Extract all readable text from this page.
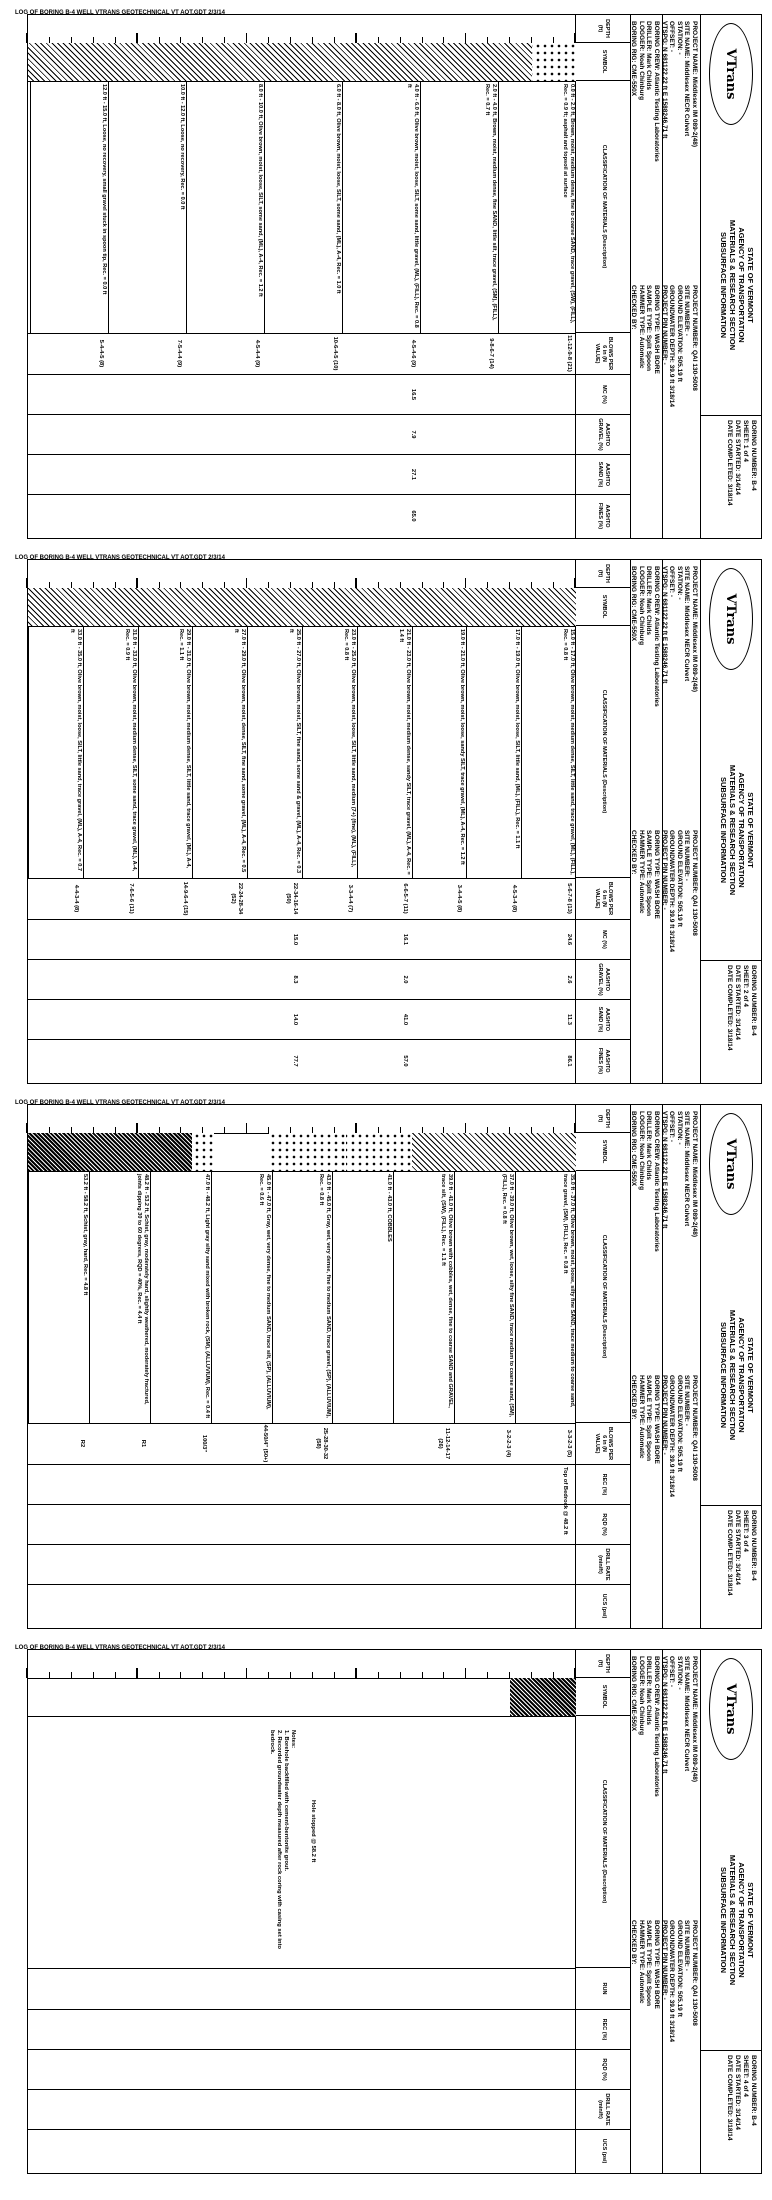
VTrans
STATE OF VERMONT
AGENCY OF TRANSPORTATION
MATERIALS & RESEARCH SECTION
SUBSURFACE INFORMATION
BORING NUMBER: B-4
SHEET: 1 of 4
DATE STARTED: 3/14/14
DATE COMPLETED: 3/18/14
PROJECT NAME: Middlesex IM 089-2(48)
SITE NAME: Middlesex NECR Culvert
STATION: -
OFFSET: -
VTSPG: N 681122.22 ft E 1588246.71 ft
PROJECT NUMBER: QAI 130-5008
SITE NUMBER: -
GROUND ELEVATION: 505.19 ft
GROUNDWATER DEPTH: 39.9 ft 3/18/14
PROJECT PIN NUMBER: -
BORING CREW: Atlantic Testing Laboratories
DRILLER: Mark Childs
LOGGER: Noah Chinburg
BORING RIG: CME-550X
BORING TYPE: WASH BORE
SAMPLE TYPE: Split Spoon
HAMMER TYPE: Automatic
CHECKED BY:
DEPTH (ft)
SYMBOL
CLASSIFICATION OF MATERIALS (Description)
BLOWS PER 6 in (N VALUE)
MC (%)
AASHTO GRAVEL (%)
AASHTO SAND (%)
AASHTO FINES (%)
0.0 ft - 2.0 ft, Brown, moist, medium dense, fine to coarse SAND, trace gravel, (SW), (FILL), Rec. = 0.9 ft; asphalt and topsoil at surface
2.0 ft - 4.0 ft, Brown, moist, medium dense, fine SAND, little silt, trace gravel, (SM), (FILL), Rec. = 0.7 ft
4.0 ft - 6.0 ft, Olive brown, moist, loose, SILT, some sand, little gravel, (ML), (FILL), Rec. = 0.8 ft
6.0 ft - 8.0 ft, Olive brown, moist, loose, SILT, some sand, (ML), A-4, Rec. = 1.0 ft
8.0 ft - 10.0 ft, Olive brown, moist, loose, SILT, some sand, (ML), A-4, Rec. = 1.2 ft
10.0 ft - 12.0 ft, Loose, no recovery, Rec. = 0.0 ft
12.0 ft - 15.0 ft, Loose, no recovery, small gravel stuck in spoon tip, Rec. = 0.0 ft
11-12-9-8 (21)
9-8-6-7 (14)
4-5-4-6 (9)
10-6-4-5 (10)
4-5-4-4 (9)
7-5-4-4 (9)
5-4-4-5 (8)
16.5
7.9
27.1
65.0
LOG OF BORING B-4 WELL VTRANS GEOTECHNICAL VT AOT.GDT 2/3/14
VTrans
STATE OF VERMONT
AGENCY OF TRANSPORTATION
MATERIALS & RESEARCH SECTION
SUBSURFACE INFORMATION
BORING NUMBER: B-4
SHEET: 2 of 4
DATE STARTED: 3/14/14
DATE COMPLETED: 3/18/14
PROJECT NAME: Middlesex IM 089-2(48)
SITE NAME: Middlesex NECR Culvert
STATION: -
OFFSET: -
VTSPG: N 681122.22 ft E 1588246.71 ft
PROJECT NUMBER: QAI 130-5008
SITE NUMBER: -
GROUND ELEVATION: 505.19 ft
GROUNDWATER DEPTH: 39.9 ft 3/18/14
PROJECT PIN NUMBER: -
BORING CREW: Atlantic Testing Laboratories
DRILLER: Mark Childs
LOGGER: Noah Chinburg
BORING RIG: CME-550X
BORING TYPE: WASH BORE
SAMPLE TYPE: Split Spoon
HAMMER TYPE: Automatic
CHECKED BY:
DEPTH (ft)
SYMBOL
CLASSIFICATION OF MATERIALS (Description)
BLOWS PER 6 in (N VALUE)
MC (%)
AASHTO GRAVEL (%)
AASHTO SAND (%)
AASHTO FINES (%)
15.0 ft - 17.0 ft, Olive brown, moist, medium dense, SILT, little sand, trace gravel, (ML), (FILL), Rec. = 0.8 ft
17.0 ft - 19.0 ft, Olive brown, moist, loose, SILT, little sand, (ML), (FILL), Rec. = 1.1 ft
19.0 ft - 21.0 ft, Olive brown, moist, loose, sandy SILT, trace gravel, (ML), A-4, Rec. = 1.2 ft
21.0 ft - 23.0 ft, Olive brown, moist, medium dense, sandy SILT, trace gravel, (ML), A-4, Rec. = 1.4 ft
23.0 ft - 25.0 ft, Olive brown, moist, loose, SILT, little sand, medium (7+) (fine), (ML), (FILL), Rec. = 0.8 ft
25.0 ft - 27.0 ft, Olive brown, moist, SILT, fine sand, some sand & gravel, (ML), A-4, Rec. = 0.3 ft
27.0 ft - 29.0 ft, Olive brown, moist, dense, SILT, fine sand, some gravel, (ML), A-4, Rec. = 0.5 ft
29.0 ft - 31.0 ft, Olive brown, moist, medium dense, SILT, little sand, trace gravel, (ML), A-4, Rec. = 1.1 ft
31.0 ft - 33.0 ft, Olive brown, moist, medium dense, SILT, some sand, trace gravel, (ML), A-4, Rec. = 0.9 ft
33.0 ft - 35.0 ft, Olive brown, moist, loose, SILT, little sand, trace gravel, (ML), A-4, Rec. = 0.7 ft
5-6-7-8 (13)
4-5-3-4 (8)
3-4-4-5 (8)
6-6-5-7 (11)
3-3-4-4 (7)
22-34-16-14 (50)
22-24-28-34 (52)
14-9-6-4 (15)
7-6-5-6 (11)
4-4-3-4 (8)
24.6
16.1
15.0
2.6
2.0
8.3
11.3
41.0
14.0
86.1
57.0
77.7
LOG OF BORING B-4 WELL VTRANS GEOTECHNICAL VT AOT.GDT 2/3/14
VTrans
STATE OF VERMONT
AGENCY OF TRANSPORTATION
MATERIALS & RESEARCH SECTION
SUBSURFACE INFORMATION
BORING NUMBER: B-4
SHEET: 3 of 4
DATE STARTED: 3/14/14
DATE COMPLETED: 3/18/14
PROJECT NAME: Middlesex IM 089-2(48)
SITE NAME: Middlesex NECR Culvert
STATION: -
OFFSET: -
VTSPG: N 681122.22 ft E 1588246.71 ft
PROJECT NUMBER: QAI 130-5008
SITE NUMBER: -
GROUND ELEVATION: 505.19 ft
GROUNDWATER DEPTH: 39.9 ft 3/18/14
PROJECT PIN NUMBER: -
BORING CREW: Atlantic Testing Laboratories
DRILLER: Mark Childs
LOGGER: Noah Chinburg
BORING RIG: CME-550X
BORING TYPE: WASH BORE
SAMPLE TYPE: Split Spoon
HAMMER TYPE: Automatic
CHECKED BY:
DEPTH (ft)
SYMBOL
CLASSIFICATION OF MATERIALS (Description)
BLOWS PER 6 in (N VALUE)
REC (%)
RQD (%)
DRILL RATE (min/ft)
UCS (psi)
35.0 ft - 37.0 ft, Olive brown, moist, loose, silty fine SAND, trace medium to coarse sand, trace gravel, (SM), (FILL), Rec. = 0.8 ft
37.0 ft - 39.0 ft, Olive brown, wet, loose, silty fine SAND, trace medium to coarse sand, (SM), (FILL), Rec. = 0.8 ft
39.0 ft - 41.0 ft, Olive brown with cobbles, wet, dense, fine to coarse SAND and GRAVEL, trace silt, (SW), (FILL), Rec. = 1.1 ft
41.0 ft - 43.0 ft, COBBLES
43.0 ft - 45.0 ft, Gray, wet, very dense, fine to medium SAND, trace gravel, (SP), (ALLUVIUM), Rec. = 0.8 ft
45.0 ft - 47.0 ft, Gray, wet, very dense, fine to medium SAND, trace silt, (SP), (ALLUVIUM), Rec. = 0.6 ft
47.0 ft - 48.2 ft, Light gray silty sand mixed with broken rock, (SM), (ALLUVIUM), Rec. = 0.4 ft
48.2 ft - 53.2 ft, Schist, gray, moderately hard, slightly weathered, moderately fractured, joints dipping 30 to 60 degrees, RQD = 40%, Rec. = 4.4 ft
53.2 ft - 58.2 ft, Schist, gray, hard, Rec. = 4.8 ft
3-3-2-3 (5)
3-2-2-3 (4)
11-12-14-17 (26)
25-28-30-32 (58)
44-50/4" (50+)
100/3"
R1
R2
Top of Bedrock @ 48.2 ft
LOG OF BORING B-4 WELL VTRANS GEOTECHNICAL VT AOT.GDT 2/3/14
VTrans
STATE OF VERMONT
AGENCY OF TRANSPORTATION
MATERIALS & RESEARCH SECTION
SUBSURFACE INFORMATION
BORING NUMBER: B-4
SHEET: 4 of 4
DATE STARTED: 3/14/14
DATE COMPLETED: 3/18/14
PROJECT NAME: Middlesex IM 089-2(48)
SITE NAME: Middlesex NECR Culvert
STATION: -
OFFSET: -
VTSPG: N 681122.22 ft E 1588246.71 ft
PROJECT NUMBER: QAI 130-5008
SITE NUMBER: -
GROUND ELEVATION: 505.19 ft
GROUNDWATER DEPTH: 39.9 ft 3/18/14
PROJECT PIN NUMBER: -
BORING CREW: Atlantic Testing Laboratories
DRILLER: Mark Childs
LOGGER: Noah Chinburg
BORING RIG: CME-550X
BORING TYPE: WASH BORE
SAMPLE TYPE: Split Spoon
HAMMER TYPE: Automatic
CHECKED BY:
DEPTH (ft)
SYMBOL
CLASSIFICATION OF MATERIALS (Description)
RUN
REC (%)
RQD (%)
DRILL RATE (min/ft)
UCS (psi)
Hole stopped @ 58.2 ft
Notes:
1. Borehole backfilled with cement-bentonite grout.
2. Recorded groundwater depth measured after rock coring with casing set into bedrock.
LOG OF BORING B-4 WELL VTRANS GEOTECHNICAL VT AOT.GDT 2/3/14
